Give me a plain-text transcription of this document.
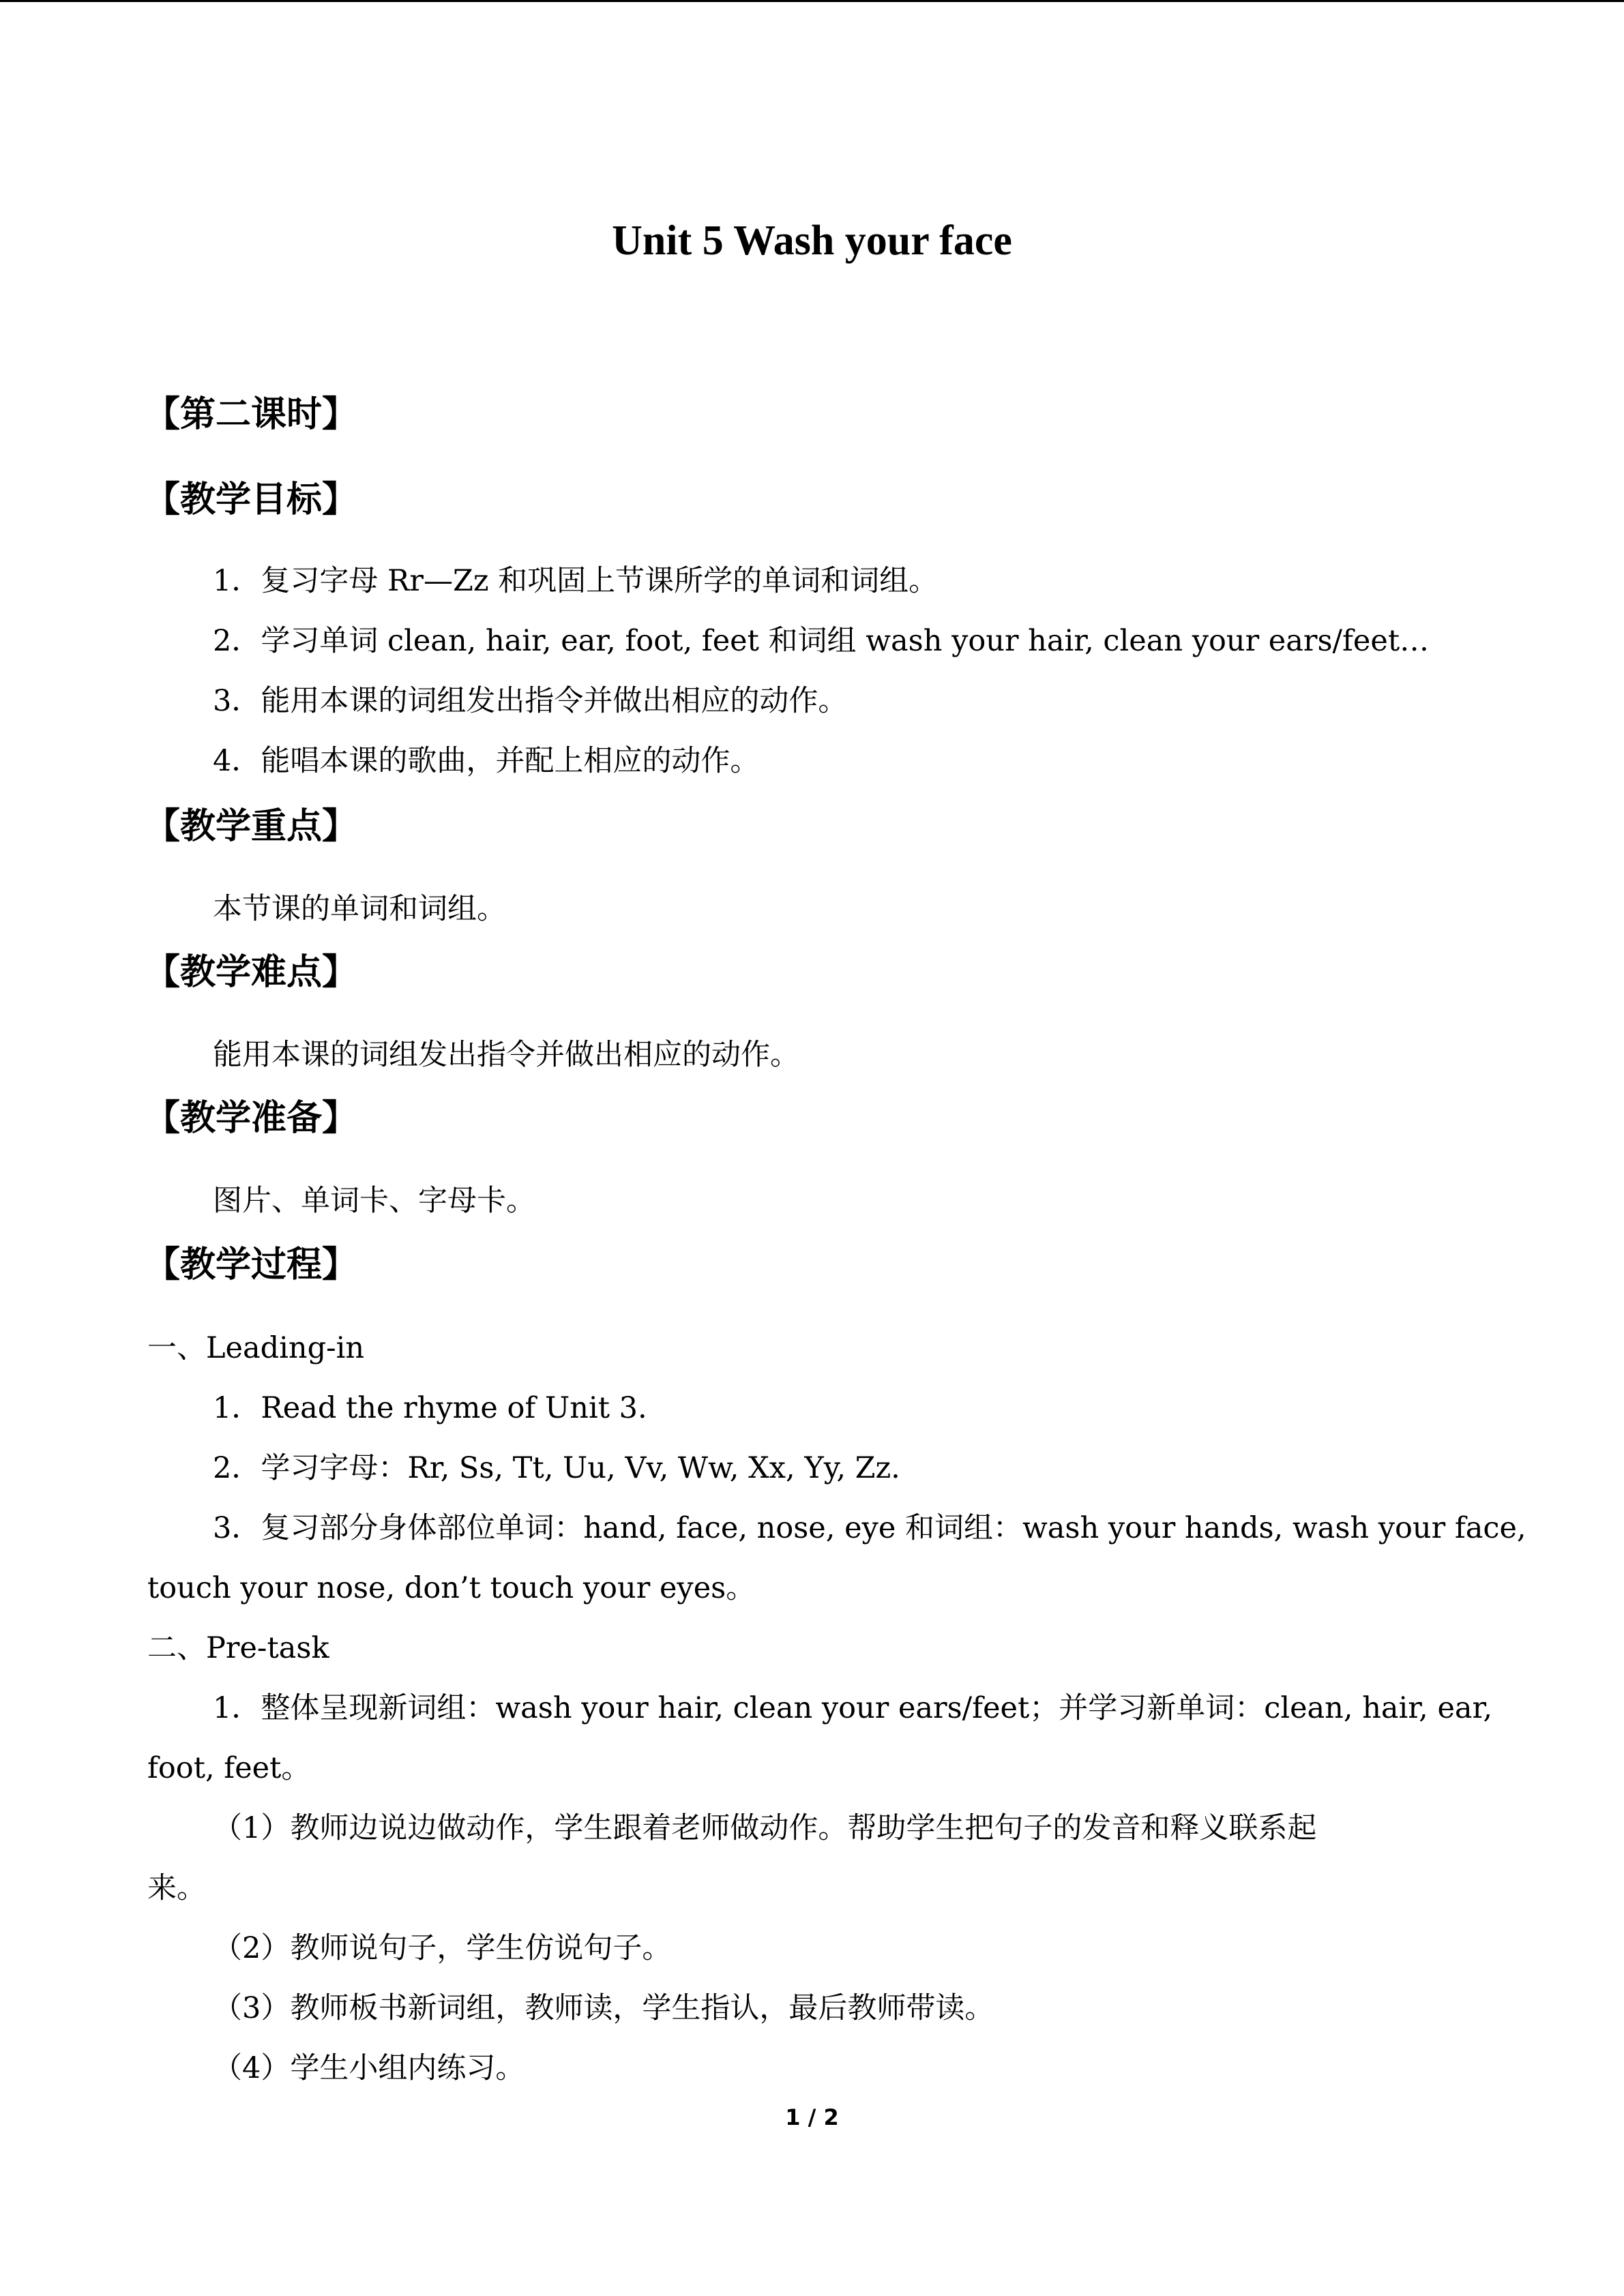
Unit 5 Wash your face
【第二课时】
【教学目标】
1．复习字母 Rr—Zz 和巩固上节课所学的单词和词组。
2．学习单词 clean, hair, ear, foot, feet 和词组 wash your hair, clean your ears/feet…
3．能用本课的词组发出指令并做出相应的动作。
4．能唱本课的歌曲，并配上相应的动作。
【教学重点】
本节课的单词和词组。
【教学难点】
能用本课的词组发出指令并做出相应的动作。
【教学准备】
图片、单词卡、字母卡。
【教学过程】
一、Leading-in
1．Read the rhyme of Unit 3.
2．学习字母：Rr, Ss, Tt, Uu, Vv, Ww, Xx, Yy, Zz.
3．复习部分身体部位单词：hand, face, nose, eye 和词组：wash your hands, wash your face,
touch your nose, don’t touch your eyes。
二、Pre-task
1．整体呈现新词组：wash your hair, clean your ears/feet；并学习新单词：clean, hair, ear,
foot, feet。
（1）教师边说边做动作，学生跟着老师做动作。帮助学生把句子的发音和释义联系起
来。
（2）教师说句子，学生仿说句子。
（3）教师板书新词组，教师读，学生指认，最后教师带读。
（4）学生小组内练习。
1 / 2
